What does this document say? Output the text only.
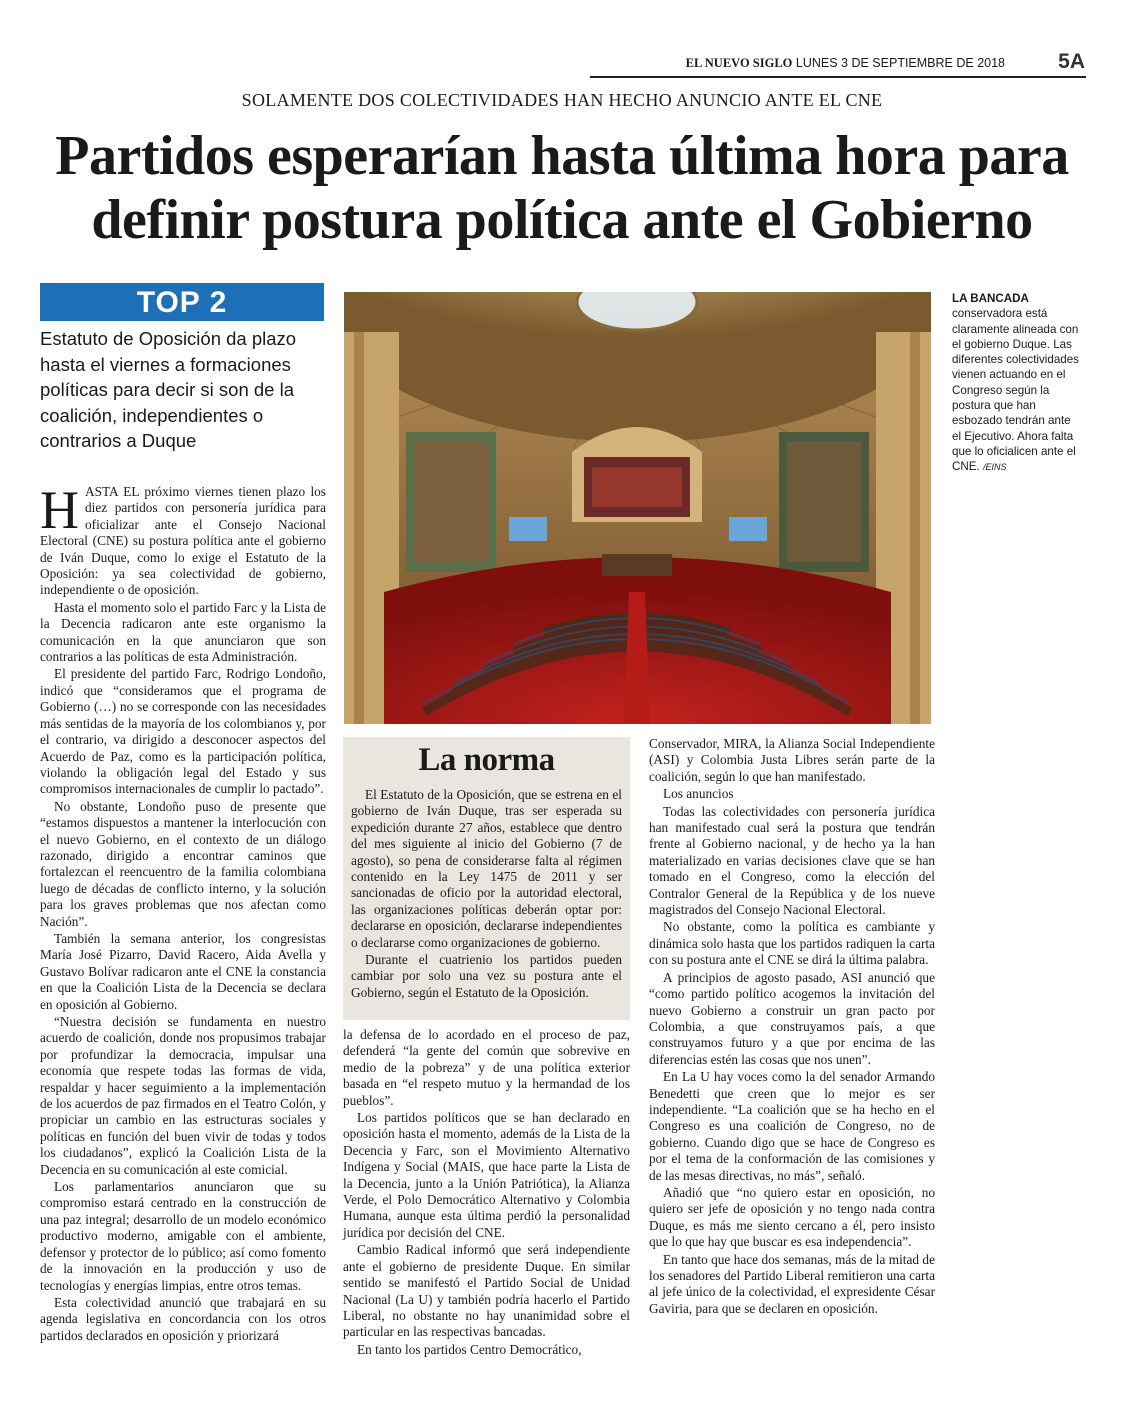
EL NUEVO SIGLO LUNES 3 DE SEPTIEMBRE DE 2018	5A
SOLAMENTE DOS COLECTIVIDADES HAN HECHO ANUNCIO ANTE EL CNE
Partidos esperarían hasta última hora para
definir postura política ante el Gobierno
TOP 2
Estatuto de Oposición da plazo hasta el viernes a formaciones políticas para decir si son de la coalición, independientes o contrarios a Duque

HASTA EL próximo viernes tienen plazo los diez partidos con personería jurídica para oficializar ante el Consejo Nacional Electoral (CNE) su postura política ante el gobierno de Iván Duque, como lo exige el Estatuto de la Oposición: ya sea colectividad de gobierno, independiente o de oposición.

Hasta el momento solo el partido Farc y la Lista de la Decencia radicaron ante este organismo la comunicación en la que anunciaron que son contrarios a las políticas de esta Administración.

El presidente del partido Farc, Rodrigo Londoño, indicó que “consideramos que el programa de Gobierno (…) no se corresponde con las necesidades más sentidas de la mayoría de los colombianos y, por el contrario, va dirigido a desconocer aspectos del Acuerdo de Paz, como es la participación política, violando la obligación legal del Estado y sus compromisos internacionales de cumplir lo pactado”.

No obstante, Londoño puso de presente que “estamos dispuestos a mantener la interlocución con el nuevo Gobierno, en el contexto de un diálogo razonado, dirigido a encontrar caminos que fortalezcan el reencuentro de la familia colombiana luego de décadas de conflicto interno, y la solución para los graves problemas que nos afectan como Nación”.

También la semana anterior, los congresistas María José Pizarro, David Racero, Aida Avella y Gustavo Bolívar radicaron ante el CNE la constancia en que la Coalición Lista de la Decencia se declara en oposición al Gobierno.

“Nuestra decisión se fundamenta en nuestro acuerdo de coalición, donde nos propusimos trabajar por profundizar la democracia, impulsar una economía que respete todas las formas de vida, respaldar y hacer seguimiento a la implementación de los acuerdos de paz firmados en el Teatro Colón, y propiciar un cambio en las estructuras sociales y políticas en función del buen vivir de todas y todos los ciudadanos”, explicó la Coalición Lista de la Decencia en su comunicación al este comicial.

Los parlamentarios anunciaron que su compromiso estará centrado en la construcción de una paz integral; desarrollo de un modelo económico productivo moderno, amigable con el ambiente, defensor y protector de lo público; así como fomento de la innovación en la producción y uso de tecnologías y energías limpias, entre otros temas.

Esta colectividad anunció que trabajará en su agenda legislativa en concordancia con los otros partidos declarados en oposición y priorizará

LA BANCADA
conservadora está claramente alineada con el gobierno Duque. Las diferentes colectividades vienen actuando en el Congreso según la postura que han esbozado tendrán ante el Ejecutivo. Ahora falta que lo oficialicen ante el CNE. /EINS
La norma

El Estatuto de la Oposición, que se estrena en el gobierno de Iván Duque, tras ser esperada su expedición durante 27 años, establece que dentro del mes siguiente al inicio del Gobierno (7 de agosto), so pena de considerarse falta al régimen contenido en la Ley 1475 de 2011 y ser sancionadas de oficio por la autoridad electoral, las organizaciones políticas deberán optar por: declararse en oposición, declararse independientes o declararse como organizaciones de gobierno.

Durante el cuatrienio los partidos pueden cambiar por solo una vez su postura ante el Gobierno, según el Estatuto de la Oposición.

la defensa de lo acordado en el proceso de paz, defenderá “la gente del común que sobrevive en medio de la pobreza” y de una política exterior basada en “el respeto mutuo y la hermandad de los pueblos”.

Los partidos políticos que se han declarado en oposición hasta el momento, además de la Lista de la Decencia y Farc, son el Movimiento Alternativo Indígena y Social (MAIS, que hace parte la Lista de la Decencia, junto a la Unión Patriótica), la Alianza Verde, el Polo Democrático Alternativo y Colombia Humana, aunque esta última perdió la personalidad jurídica por decisión del CNE.

Cambio Radical informó que será independiente ante el gobierno de presidente Duque. En similar sentido se manifestó el Partido Social de Unidad Nacional (La U) y también podría hacerlo el Partido Liberal, no obstante no hay unanimidad sobre el particular en las respectivas bancadas.

En tanto los partidos Centro Democrático,

Conservador, MIRA, la Alianza Social Independiente (ASI) y Colombia Justa Libres serán parte de la coalición, según lo que han manifestado.

Los anuncios

Todas las colectividades con personería jurídica han manifestado cual será la postura que tendrán frente al Gobierno nacional, y de hecho ya la han materializado en varias decisiones clave que se han tomado en el Congreso, como la elección del Contralor General de la República y de los nueve magistrados del Consejo Nacional Electoral.

No obstante, como la política es cambiante y dinámica solo hasta que los partidos radiquen la carta con su postura ante el CNE se dirá la última palabra.

A principios de agosto pasado, ASI anunció que “como partido político acogemos la invitación del nuevo Gobierno a construir un gran pacto por Colombia, a que construyamos país, a que construyamos futuro y a que por encima de las diferencias estén las cosas que nos unen”.

En La U hay voces como la del senador Armando Benedetti que creen que lo mejor es ser independiente. “La coalición que se ha hecho en el Congreso es una coalición de Congreso, no de gobierno. Cuando digo que se hace de Congreso es por el tema de la conformación de las comisiones y de las mesas directivas, no más”, señaló.

Añadió que “no quiero estar en oposición, no quiero ser jefe de oposición y no tengo nada contra Duque, es más me siento cercano a él, pero insisto que lo que hay que buscar es esa independencia”.

En tanto que hace dos semanas, más de la mitad de los senadores del Partido Liberal remitieron una carta al jefe único de la colectividad, el expresidente César Gaviria, para que se declaren en oposición.
